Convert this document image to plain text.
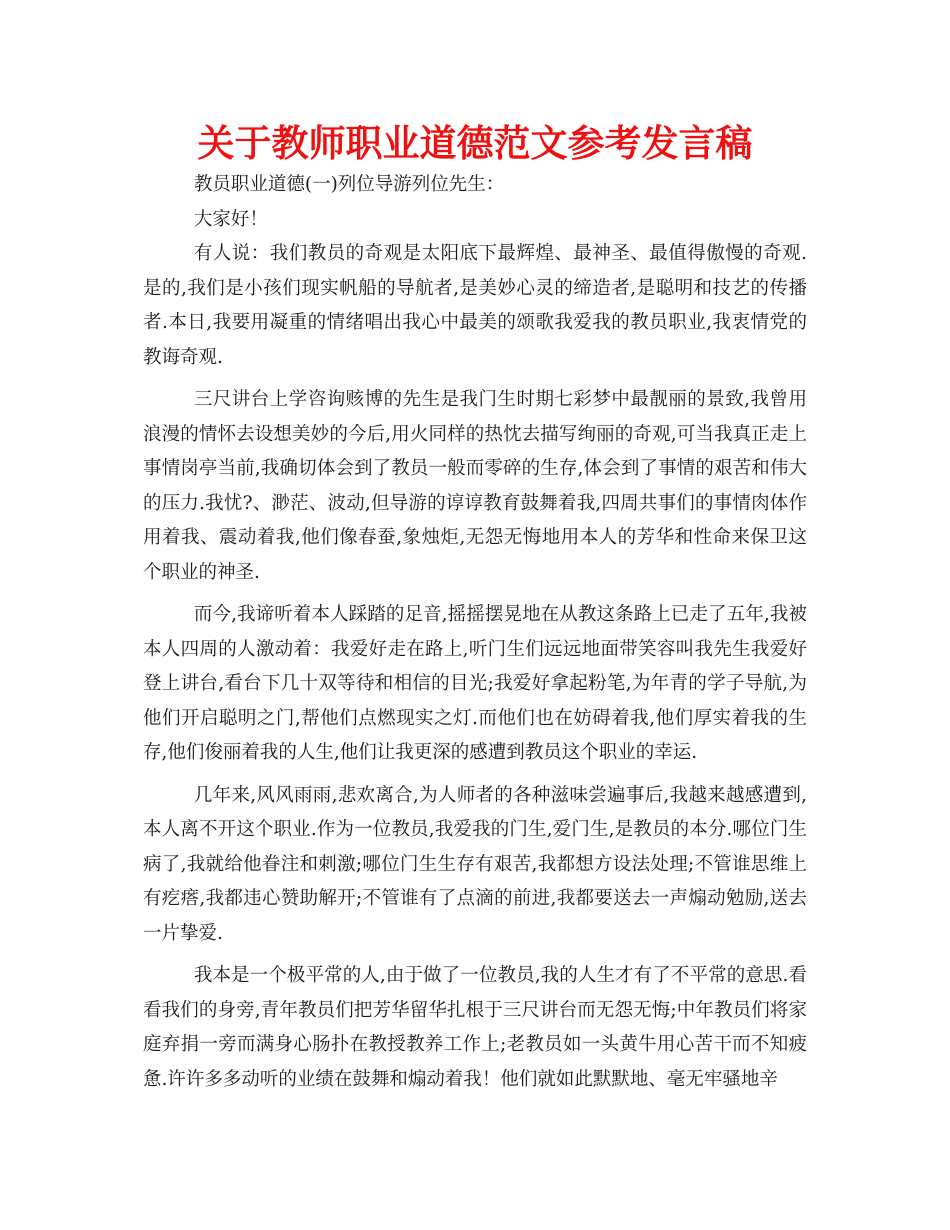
关于教师职业道德范文参考发言稿

教员职业道德(一)列位导游列位先生：

大家好！

有人说：我们教员的奇观是太阳底下最辉煌、最神圣、最值得傲慢的奇观.是的,我们是小孩们现实帆船的导航者,是美妙心灵的缔造者,是聪明和技艺的传播者.本日,我要用凝重的情绪唱出我心中最美的颂歌我爱我的教员职业,我衷情党的教诲奇观.

三尺讲台上学咨询赅博的先生是我门生时期七彩梦中最靓丽的景致,我曾用浪漫的情怀去设想美妙的今后,用火同样的热忱去描写绚丽的奇观,可当我真正走上事情岗亭当前,我确切体会到了教员一般而零碎的生存,体会到了事情的艰苦和伟大的压力.我忧?、渺茫、波动,但导游的谆谆教育鼓舞着我,四周共事们的事情肉体作用着我、震动着我,他们像春蚕,象烛炬,无怨无悔地用本人的芳华和性命来保卫这个职业的神圣.

而今,我谛听着本人踩踏的足音,摇摇摆晃地在从教这条路上已走了五年,我被本人四周的人激动着：我爱好走在路上,听门生们远远地面带笑容叫我先生我爱好登上讲台,看台下几十双等待和相信的目光;我爱好拿起粉笔,为年青的学子导航,为他们开启聪明之门,帮他们点燃现实之灯.而他们也在妨碍着我,他们厚实着我的生存,他们俊丽着我的人生,他们让我更深的感遭到教员这个职业的幸运.

几年来,风风雨雨,悲欢离合,为人师者的各种滋味尝遍事后,我越来越感遭到,本人离不开这个职业.作为一位教员,我爱我的门生,爱门生,是教员的本分.哪位门生病了,我就给他眷注和刺激;哪位门生生存有艰苦,我都想方设法处理;不管谁思维上有疙瘩,我都违心赞助解开;不管谁有了点滴的前进,我都要送去一声煽动勉励,送去一片挚爱.

我本是一个极平常的人,由于做了一位教员,我的人生才有了不平常的意思.看看我们的身旁,青年教员们把芳华留华扎根于三尺讲台而无怨无悔;中年教员们将家庭弃捐一旁而满身心肠扑在教授教养工作上;老教员如一头黄牛用心苦干而不知疲惫.许许多多动听的业绩在鼓舞和煽动着我！他们就如此默默地、毫无牢骚地辛
